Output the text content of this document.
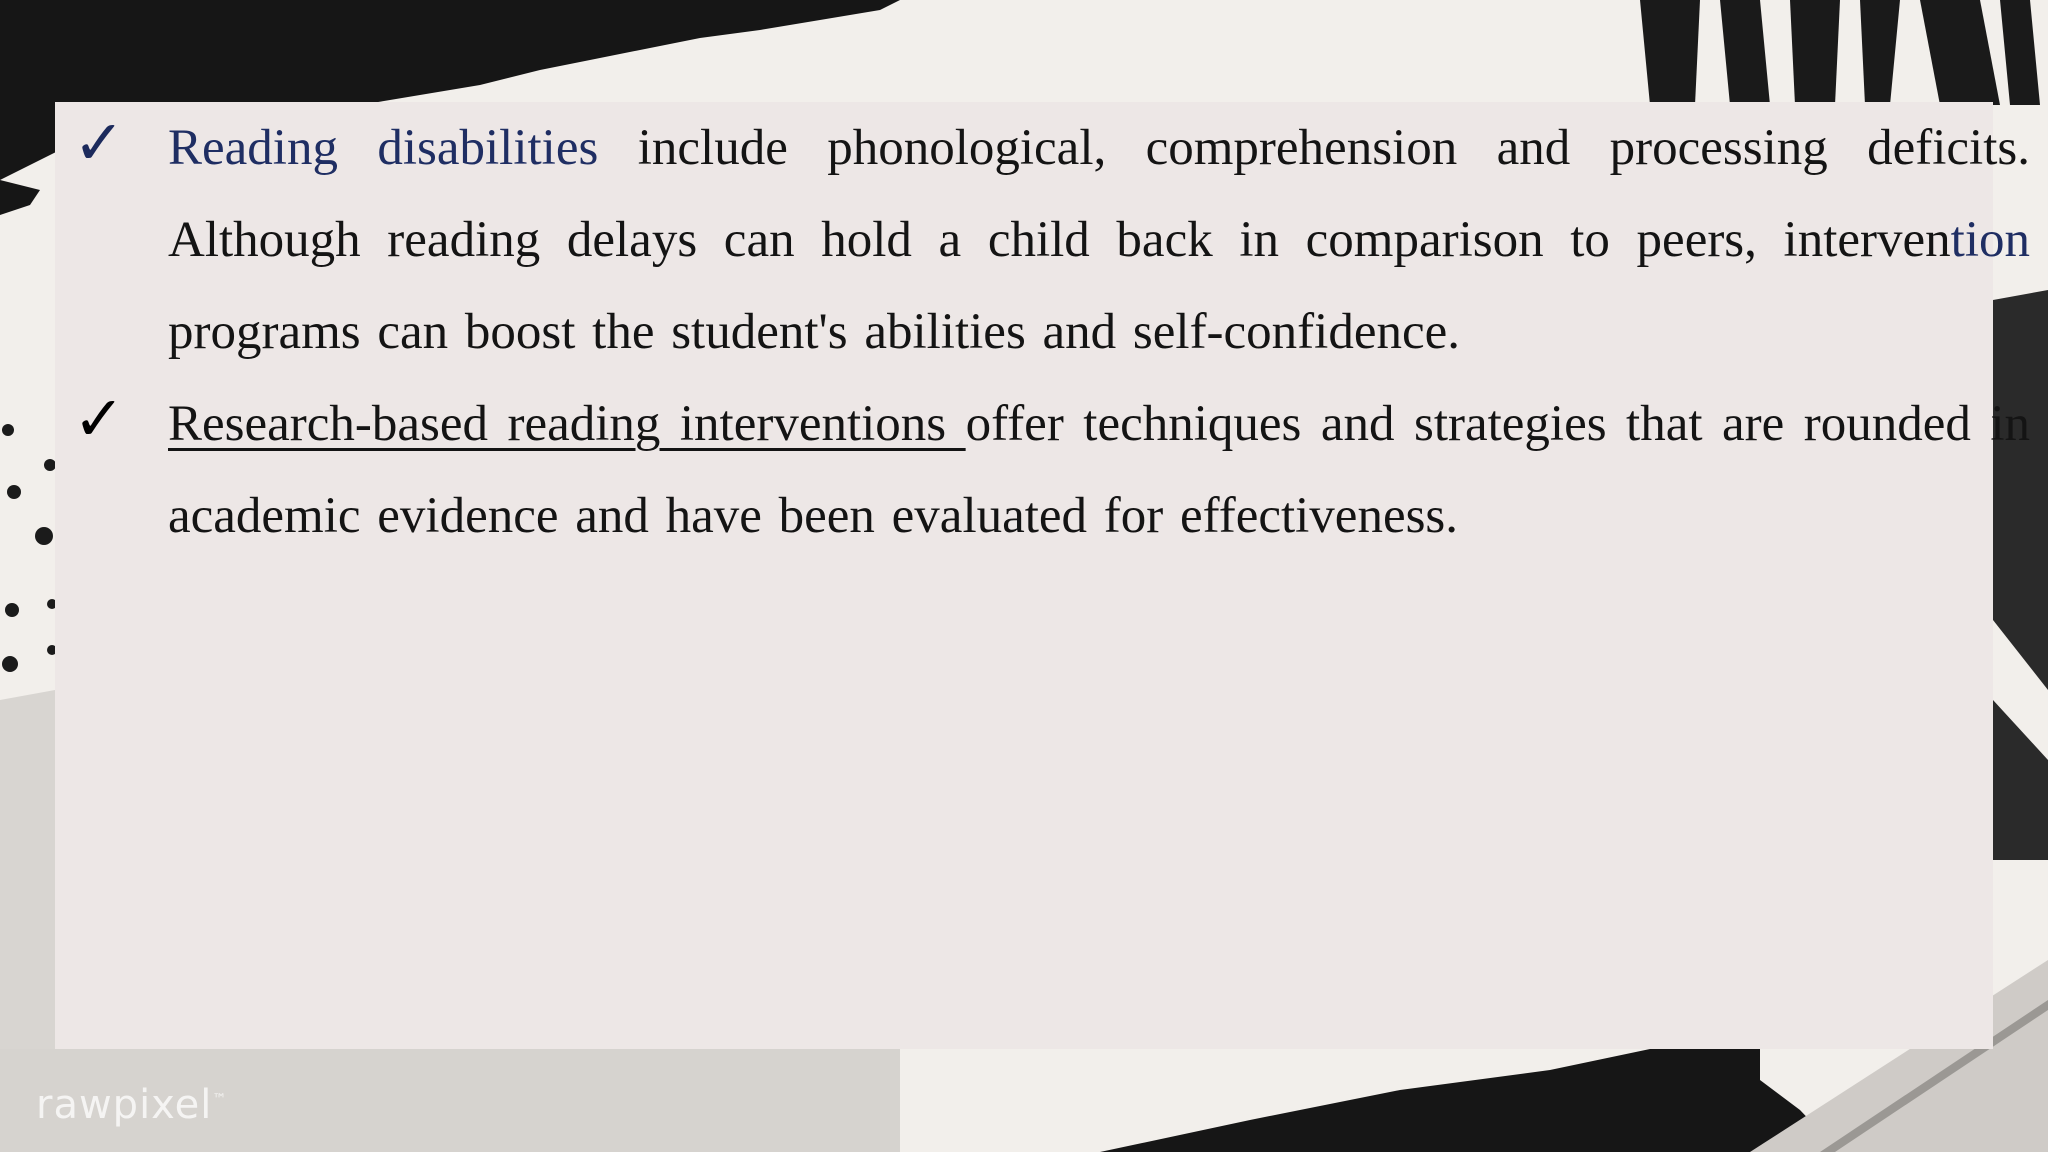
✓ Reading disabilities include phonological, comprehension and processing deficits. Although reading delays can hold a child back in comparison to peers, intervention programs can boost the student's abilities and self-confidence.

✓ Research-based reading interventions offer techniques and strategies that are rounded in academic evidence and have been evaluated for effectiveness.

rawpixel™
